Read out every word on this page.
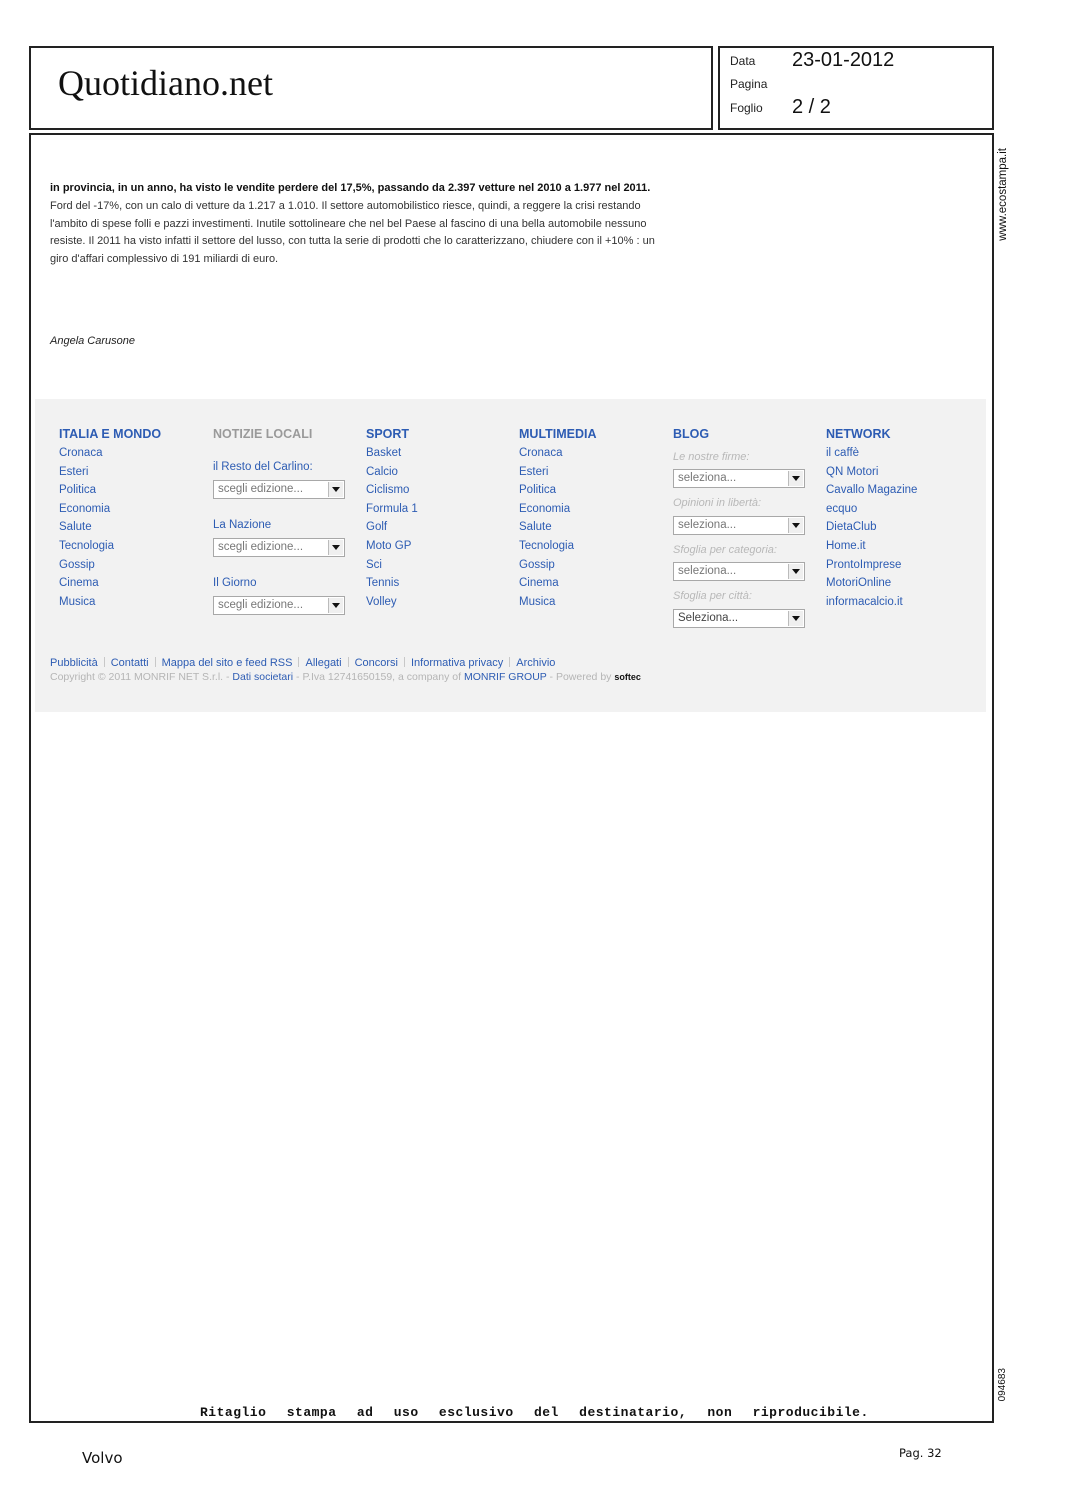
Quotidiano.net
Data 23-01-2012
Pagina
Foglio 2 / 2
in provincia, in un anno, ha visto le vendite perdere del 17,5%, passando da 2.397 vetture nel 2010 a 1.977 nel 2011. Ford del -17%, con un calo di vetture da 1.217 a 1.010. Il settore automobilistico riesce, quindi, a reggere la crisi restando l'ambito di spese folli e pazzi investimenti. Inutile sottolineare che nel bel Paese al fascino di una bella automobile nessuno resiste. Il 2011 ha visto infatti il settore del lusso, con tutta la serie di prodotti che lo caratterizzano, chiudere con il +10% : un giro d'affari complessivo di 191 miliardi di euro.
Angela Carusone
ITALIA E MONDO
Cronaca
Esteri
Politica
Economia
Salute
Tecnologia
Gossip
Cinema
Musica
NOTIZIE LOCALI
il Resto del Carlino:
scegli edizione...
La Nazione
scegli edizione...
Il Giorno
scegli edizione...
SPORT
Basket
Calcio
Ciclismo
Formula 1
Golf
Moto GP
Sci
Tennis
Volley
MULTIMEDIA
Cronaca
Esteri
Politica
Economia
Salute
Tecnologia
Gossip
Cinema
Musica
BLOG
Le nostre firme:
seleziona...
Opinioni in libertà:
seleziona...
Sfoglia per categoria:
seleziona...
Sfoglia per città:
Seleziona...
NETWORK
il caffè
QN Motori
Cavallo Magazine
ecquo
DietaClub
Home.it
ProntoImprese
MotoriOnline
informacalcio.it
Pubblicità Contatti Mappa del sito e feed RSS Allegati Concorsi Informativa privacy Archivio
Copyright © 2011 MONRIF NET S.r.l. - Dati societari - P.Iva 12741650159, a company of MONRIF GROUP - Powered by softec
www.ecostampa.it
094683
Ritaglio stampa ad uso esclusivo del destinatario, non riproducibile.
Volvo	Pag. 32
